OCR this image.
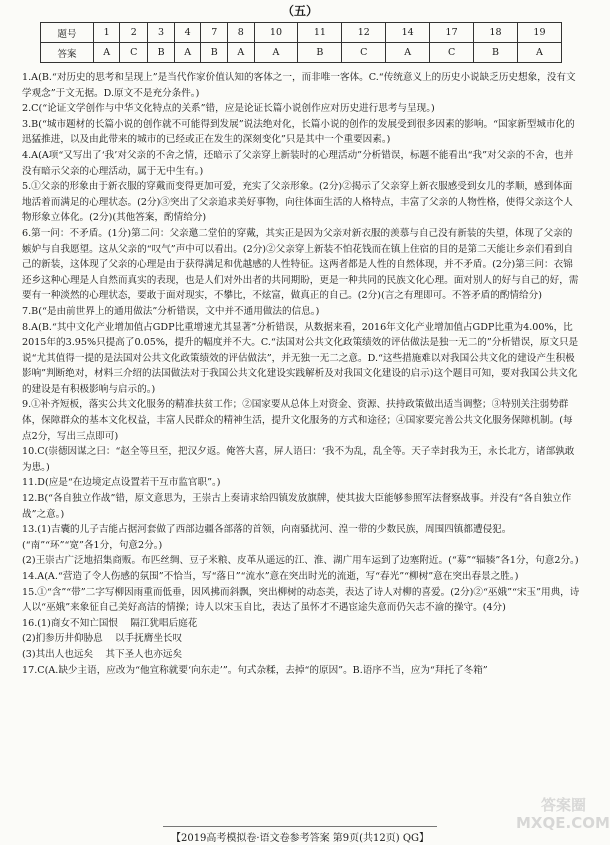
（五）
题号	1	2	3	4	7	8	10	11	12	14	17	18	19
答案	A	C	B	A	B	A	A	B	C	A	C	B	A

1.A(B.“对历史的思考和呈现上”是当代作家价值认知的客体之一，而非唯一客体。C.“传统意义上的历史小说缺乏历史想象，没有文学观念”于文无据。D.原文不是充分条件。)

2.C(“论证文学创作与中华文化特点的关系”错，应是论证长篇小说创作应对历史进行思考与呈现。)

3.B(“城市题材的长篇小说的创作就不可能得到发展”说法绝对化，长篇小说的创作的发展受到很多因素的影响。“国家新型城市化的迅猛推进，以及由此带来的城市的已经或正在发生的深刻变化”只是其中一个重要因素。)

4.A(A项“又写出了‘我’对父亲的不舍之情，还暗示了父亲穿上新装时的心理活动”分析错误，标题不能看出“我”对父亲的不舍，也并没有暗示父亲的心理活动，属于无中生有。)

5.①父亲的形象由于新衣服的穿戴而变得更加可爱，充实了父亲形象。(2分)②揭示了父亲穿上新衣服感受到女儿的孝顺，感到体面地活着而满足的心理状态。(2分)③突出了父亲追求美好事物，向往体面生活的人格特点，丰富了父亲的人物性格，使得父亲这个人物形象立体化。(2分)(其他答案，酌情给分)

6.第一问：不矛盾。(1分)第二问：父亲邀二堂伯的穿戴，其实正是因为父亲对新衣服的羡慕与自己没有新装的失望，体现了父亲的嫉妒与自我愿望。这从父亲的“叹气”声中可以看出。(2分)②父亲穿上新装不怕花钱而在镇上住宿的目的是第二天能让乡亲们看到自己的新装，这体现了父亲的心理是由于获得满足和优越感的人性特征。这两者都是人性的自然体现，并不矛盾。(2分)第三问：衣锦还乡这种心理是人自然而真实的表现，也是人们对外出者的共同期盼，更是一种共同的民族文化心理。面对别人的好与自己的好，需要有一种淡然的心理状态，要敢于面对现实，不攀比，不炫富，做真正的自己。(2分)(言之有理即可。不答矛盾的酌情给分)

7.B(“是由前世界上的通用做法”分析错误，文中并不通用做法的信息。)

8.A(B.“其中文化产业增加值占GDP比重增速尤其显著”分析错误，从数据来看，2016年文化产业增加值占GDP比重为4.00%，比2015年的3.95%只提高了0.05%，提升的幅度并不大。C.“法国对公共文化政策绩效的评估做法是独一无二的”分析错误，原文只是说“尤其值得一提的是法国对公共文化政策绩效的评估做法”，并无独一无二之意。D.“这些措施难以对我国公共文化的建设产生积极影响”判断绝对，材料三介绍的法国做法对于我国公共文化建设实践解析及对我国文化建设的启示)这个题目可知，要对我国公共文化的建设是有积极影响与启示的。)

9.①补齐短板，落实公共文化服务的精准扶贫工作；②国家要从总体上对资金、资源、扶持政策做出适当调整；③特别关注弱势群体，保障群众的基本文化权益，丰富人民群众的精神生活，提升文化服务的方式和途径；④国家要完善公共文化服务保障机制。(每点2分，写出三点即可)

10.C(崇德因谋之曰：“赵全等旦至，把汉夕返。俺答大喜，屏人语曰：‘我不为乱，乱全等。天子幸封我为王，永长北方，诸部孰敢为患。)

11.D(应是“在边境定点设置若干互市监官职”。)

12.B(“各自独立作战”错，原文意思为，王崇古上奏请求给四镇发放旗牌，使其拔大臣能够参照军法督察战事。并没有“各自独立作战”之意。)

13.(1)吉囊的儿子吉能占据河套做了西部边疆各部落的首领，向南骚扰河、湟一带的少数民族，周围四镇都遭侵犯。(“南”“环”“宽”各1分，句意2分。)
(2)王崇古广泛地招集商贩。布匹丝绸、豆子米粮、皮革从遥远的江、淮、湖广用车运到了边塞附近。(“募”“辐辏”各1分，句意2分。)

14.A(A.“营造了令人伤感的氛围”不恰当，写“落日”“流水”意在突出时光的流逝，写“春光”“柳树”意在突出春景之胜。)

15.①“含”“带”二字写柳因雨重而低垂，因风拂而斜飘，突出柳树的动态美，表达了诗人对柳的喜爱。(2分)②“巫娥”“宋玉”用典，诗人以“巫娥”来象征自己美好高洁的情操；诗人以宋玉自比，表达了虽怀才不遇宦途失意而仍矢志不渝的操守。(4分)

16.(1)商女不知亡国恨    隔江犹唱后庭花
(2)扪参历井仰胁息    以手抚膺坐长叹
(3)其出人也远矣    其下圣人也亦远矣

17.C(A.缺少主语，应改为“他宣称就要‘向东走’”。句式杂糅，去掉“的原因”。B.语序不当，应为“拜托了冬箱”

答案圈 MXQE.COM
【2019高考模拟卷·语文卷参考答案 第9页(共12页) QG】
